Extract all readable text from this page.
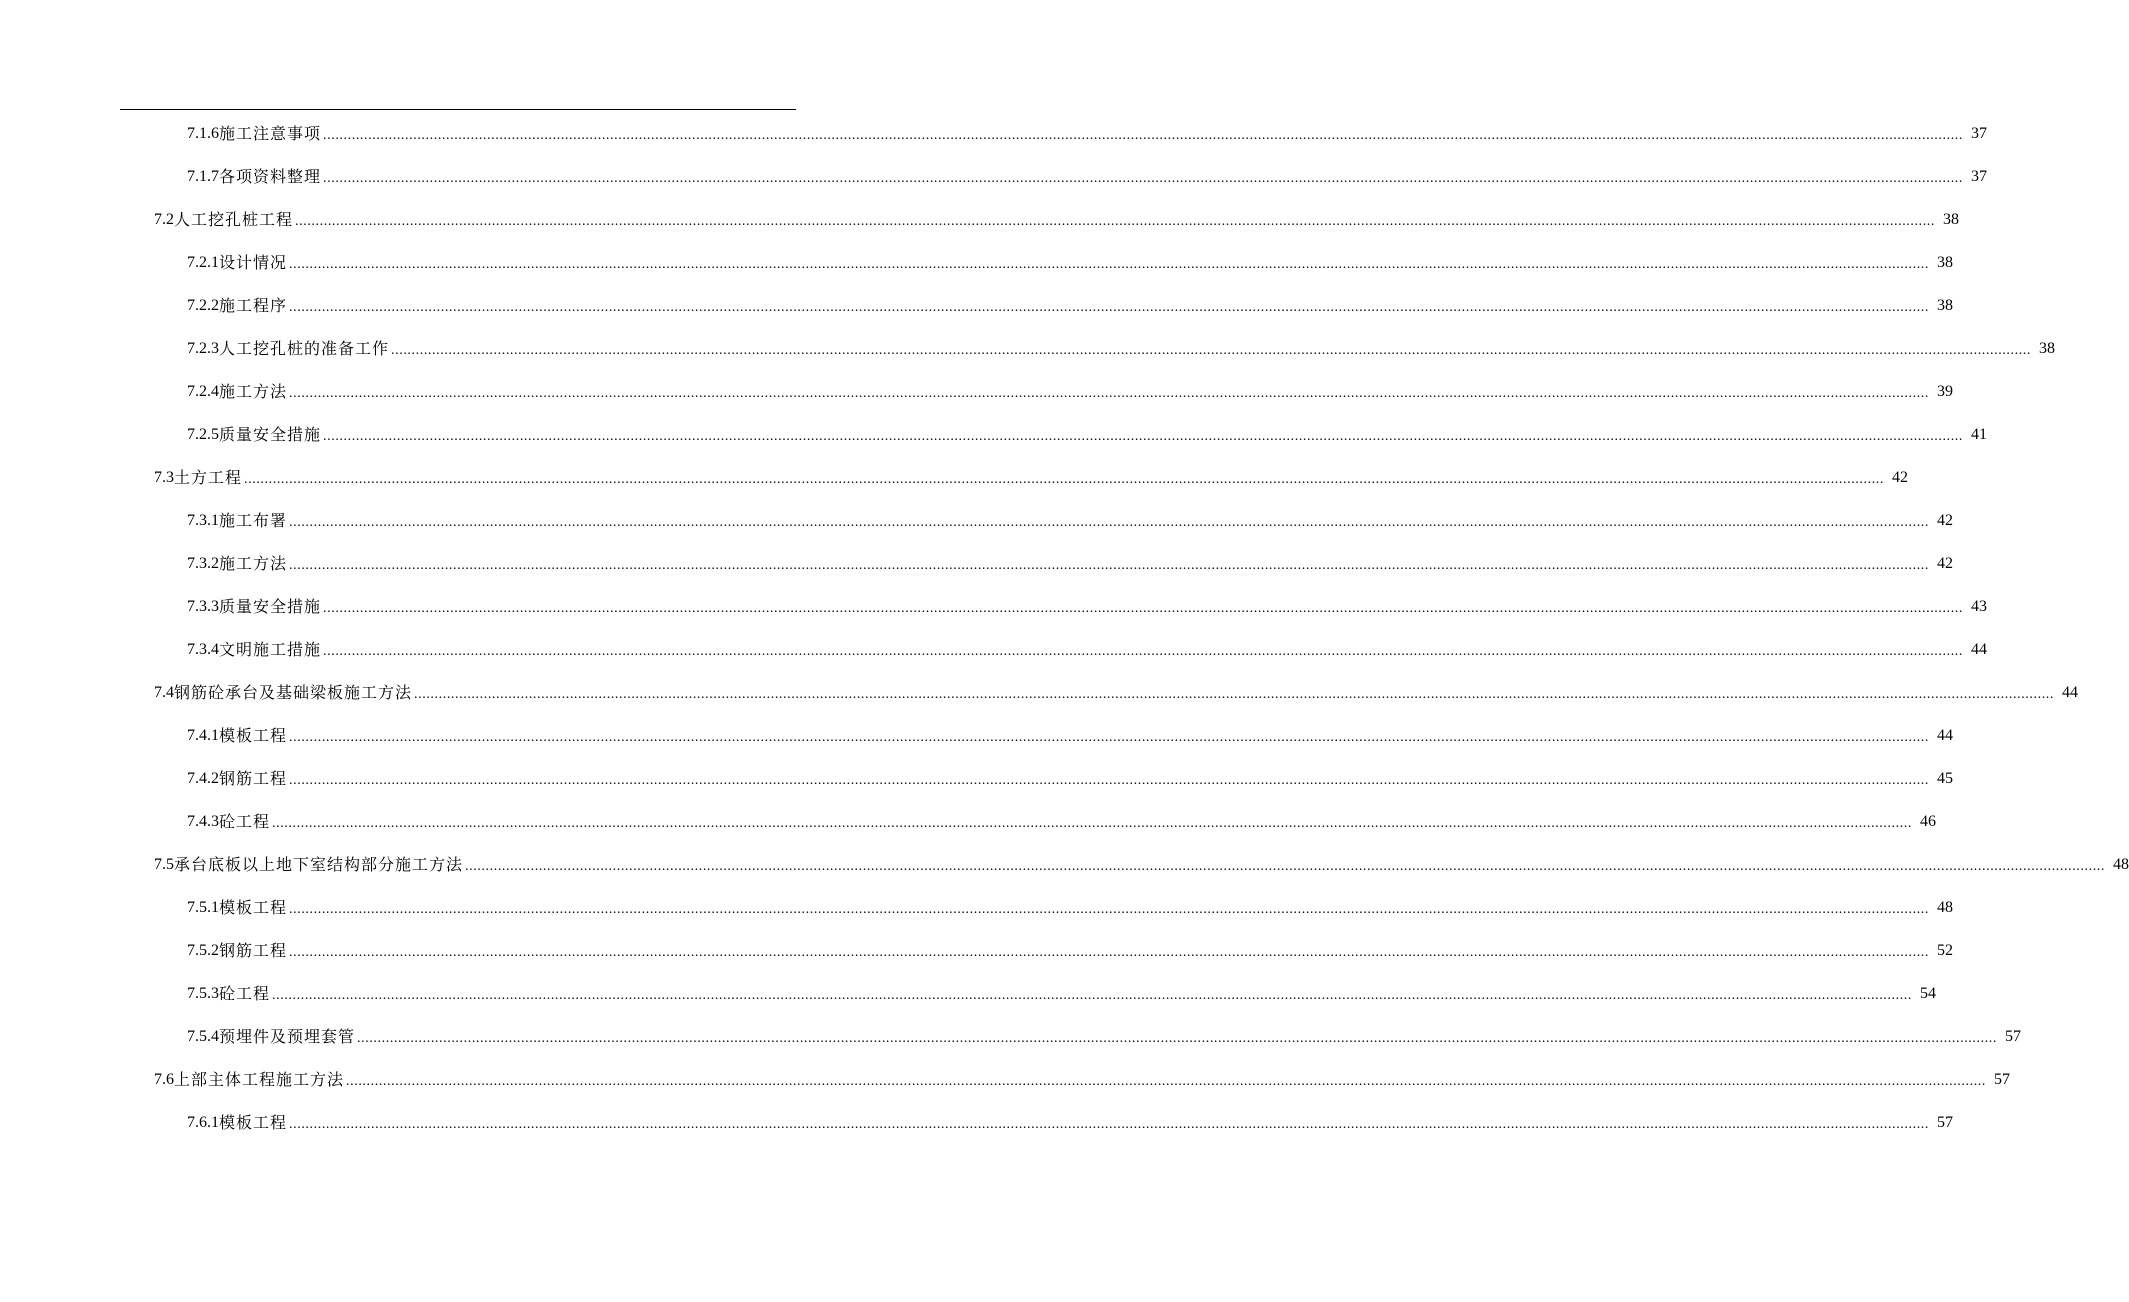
7.1.6 施工注意事项 ................................................................................................................................................................................................................................................................................................................................................................................................................ 37
7.1.7 各项资料整理 ................................................................................................................................................................................................................................................................................................................................................................................................................ 37
7.2 人工挖孔桩工程 ................................................................................................................................................................................................................................................................................................................................................................................................................ 38
7.2.1 设计情况 ................................................................................................................................................................................................................................................................................................................................................................................................................ 38
7.2.2 施工程序 ................................................................................................................................................................................................................................................................................................................................................................................................................ 38
7.2.3 人工挖孔桩的准备工作 ................................................................................................................................................................................................................................................................................................................................................................................................................ 38
7.2.4 施工方法 ................................................................................................................................................................................................................................................................................................................................................................................................................ 39
7.2.5 质量安全措施 ................................................................................................................................................................................................................................................................................................................................................................................................................ 41
7.3 土方工程 ................................................................................................................................................................................................................................................................................................................................................................................................................ 42
7.3.1 施工布署 ................................................................................................................................................................................................................................................................................................................................................................................................................ 42
7.3.2 施工方法 ................................................................................................................................................................................................................................................................................................................................................................................................................ 42
7.3.3 质量安全措施 ................................................................................................................................................................................................................................................................................................................................................................................................................ 43
7.3.4 文明施工措施 ................................................................................................................................................................................................................................................................................................................................................................................................................ 44
7.4 钢筋砼承台及基础梁板施工方法 ................................................................................................................................................................................................................................................................................................................................................................................................................ 44
7.4.1 模板工程 ................................................................................................................................................................................................................................................................................................................................................................................................................ 44
7.4.2 钢筋工程 ................................................................................................................................................................................................................................................................................................................................................................................................................ 45
7.4.3 砼工程 ................................................................................................................................................................................................................................................................................................................................................................................................................ 46
7.5 承台底板以上地下室结构部分施工方法 ................................................................................................................................................................................................................................................................................................................................................................................................................ 48
7.5.1 模板工程 ................................................................................................................................................................................................................................................................................................................................................................................................................ 48
7.5.2 钢筋工程 ................................................................................................................................................................................................................................................................................................................................................................................................................ 52
7.5.3 砼工程 ................................................................................................................................................................................................................................................................................................................................................................................................................ 54
7.5.4 预埋件及预埋套管 ................................................................................................................................................................................................................................................................................................................................................................................................................ 57
7.6 上部主体工程施工方法 ................................................................................................................................................................................................................................................................................................................................................................................................................ 57
7.6.1 模板工程 ................................................................................................................................................................................................................................................................................................................................................................................................................ 57
